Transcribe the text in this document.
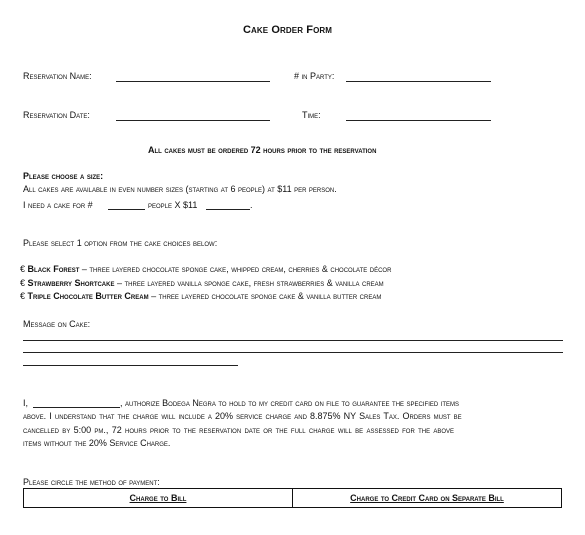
Cake Order Form
Reservation Name:	# in Party:
Reservation Date:	Time:
All cakes must be ordered 72 hours prior to the reservation
Please choose a size:
All cakes are available in even number sizes (starting at 6 people) at $11 per person.
I need a cake for #	people X $11	.
Please select 1 option from the cake choices below:
€ Black Forest – three layered chocolate sponge cake, whipped cream, cherries & chocolate décor
€ Strawberry Shortcake – three layered vanilla sponge cake, fresh strawberries & vanilla cream
€ Triple Chocolate Butter Cream – three layered chocolate sponge cake & vanilla butter cream
Message on Cake:
I,	, authorize Bodega Negra to hold to my credit card on file to guarantee the specified items
above. I understand that the charge will include a 20% service charge and 8.875% NY Sales Tax. Orders must be
cancelled by 5:00 pm., 72 hours prior to the reservation date or the full charge will be assessed for the above
items without the 20% Service Charge.
Please circle the method of payment:
Charge to Bill	Charge to Credit Card on Separate Bill
